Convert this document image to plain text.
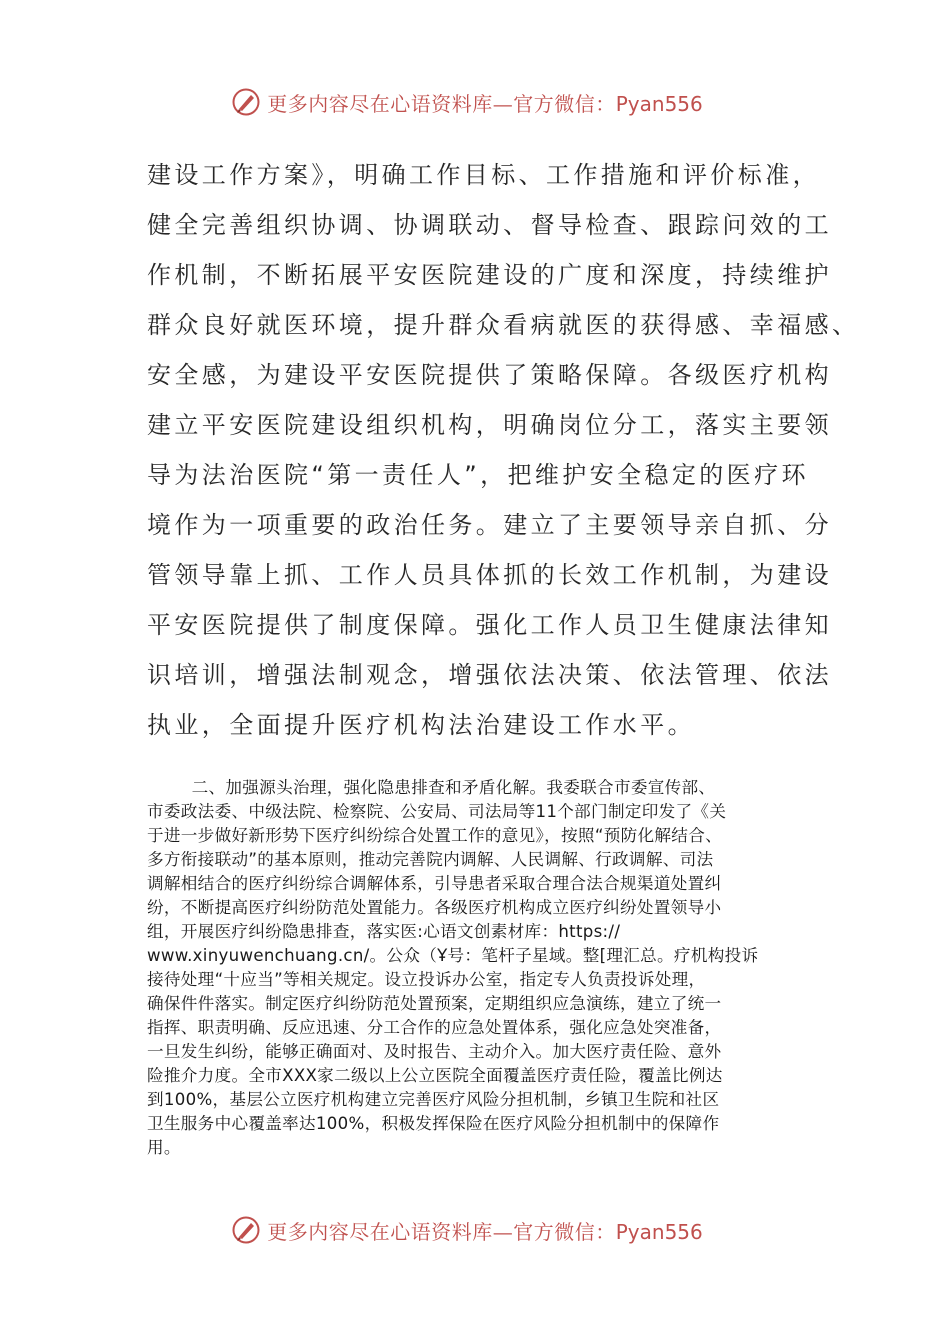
更多内容尽在心语资料库—官方微信：Pyan556
建设工作方案》，明确工作目标、工作措施和评价标准，
健全完善组织协调、协调联动、督导检查、跟踪问效的工
作机制，不断拓展平安医院建设的广度和深度，持续维护
群众良好就医环境，提升群众看病就医的获得感、幸福感、
安全感，为建设平安医院提供了策略保障。各级医疗机构
建立平安医院建设组织机构，明确岗位分工，落实主要领
导为法治医院“第一责任人”，把维护安全稳定的医疗环
境作为一项重要的政治任务。建立了主要领导亲自抓、分
管领导靠上抓、工作人员具体抓的长效工作机制，为建设
平安医院提供了制度保障。强化工作人员卫生健康法律知
识培训，增强法制观念，增强依法决策、依法管理、依法
执业，全面提升医疗机构法治建设工作水平。
二、加强源头治理，强化隐患排查和矛盾化解。我委联合市委宣传部、
市委政法委、中级法院、检察院、公安局、司法局等11个部门制定印发了《关
于进一步做好新形势下医疗纠纷综合处置工作的意见》，按照“预防化解结合、
多方衔接联动”的基本原则，推动完善院内调解、人民调解、行政调解、司法
调解相结合的医疗纠纷综合调解体系，引导患者采取合理合法合规渠道处置纠
纷，不断提高医疗纠纷防范处置能力。各级医疗机构成立医疗纠纷处置领导小
组，开展医疗纠纷隐患排查，落实医:心语文创素材库：https://
www.xinyuwenchuang.cn/。公众（Ұ号：笔杆子星域。整[理汇总。疗机构投诉
接待处理“十应当”等相关规定。设立投诉办公室，指定专人负责投诉处理，
确保件件落实。制定医疗纠纷防范处置预案，定期组织应急演练，建立了统一
指挥、职责明确、反应迅速、分工合作的应急处置体系，强化应急处突准备，
一旦发生纠纷，能够正确面对、及时报告、主动介入。加大医疗责任险、意外
险推介力度。全市XXX家二级以上公立医院全面覆盖医疗责任险，覆盖比例达
到100%，基层公立医疗机构建立完善医疗风险分担机制，乡镇卫生院和社区
卫生服务中心覆盖率达100%，积极发挥保险在医疗风险分担机制中的保障作
用。
更多内容尽在心语资料库—官方微信：Pyan556
